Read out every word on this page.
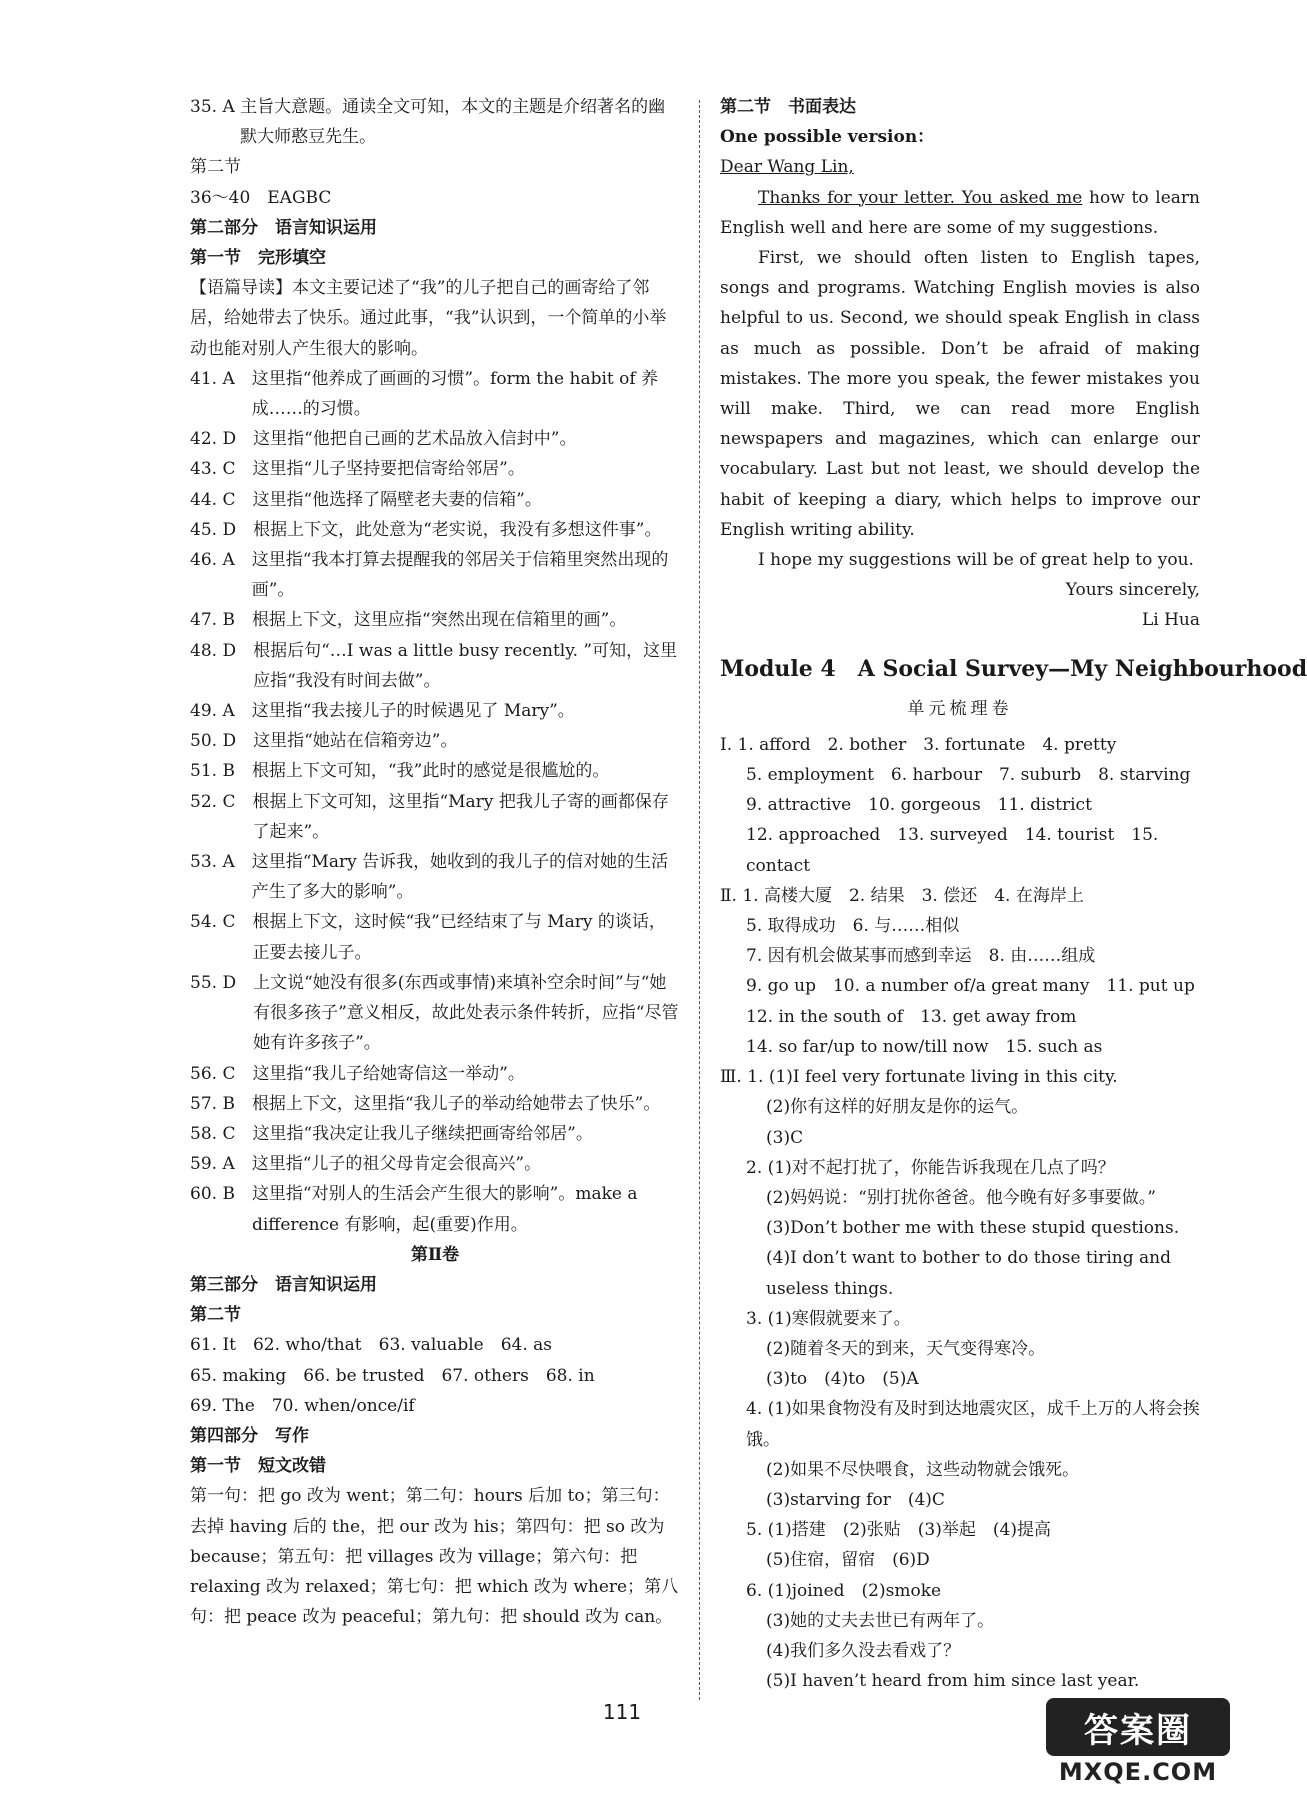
35. A 主旨大意题。通读全文可知，本文的主题是介绍著名的幽默大师憨豆先生。
第二节
36～40　EAGBC
第二部分　语言知识运用
第一节　完形填空
【语篇导读】本文主要记述了“我”的儿子把自己的画寄给了邻居，给她带去了快乐。通过此事，“我”认识到，一个简单的小举动也能对别人产生很大的影响。
41. A　 这里指“他养成了画画的习惯”。form the habit of 养成……的习惯。
42. D　 这里指“他把自己画的艺术品放入信封中”。
43. C　 这里指“儿子坚持要把信寄给邻居”。
44. C　 这里指“他选择了隔壁老夫妻的信箱”。
45. D　 根据上下文，此处意为“老实说，我没有多想这件事”。
46. A　 这里指“我本打算去提醒我的邻居关于信箱里突然出现的画”。
47. B　 根据上下文，这里应指“突然出现在信箱里的画”。
48. D　 根据后句“…I was a little busy recently. ”可知，这里应指“我没有时间去做”。
49. A　 这里指“我去接儿子的时候遇见了 Mary”。
50. D　 这里指“她站在信箱旁边”。
51. B　 根据上下文可知，“我”此时的感觉是很尴尬的。
52. C　 根据上下文可知，这里指“Mary 把我儿子寄的画都保存了起来”。
53. A　 这里指“Mary 告诉我，她收到的我儿子的信对她的生活产生了多大的影响”。
54. C　 根据上下文，这时候“我”已经结束了与 Mary 的谈话，正要去接儿子。
55. D　 上文说“她没有很多(东西或事情)来填补空余时间”与“她有很多孩子”意义相反，故此处表示条件转折，应指“尽管她有许多孩子”。
56. C　 这里指“我儿子给她寄信这一举动”。
57. B　 根据上下文，这里指“我儿子的举动给她带去了快乐”。
58. C　 这里指“我决定让我儿子继续把画寄给邻居”。
59. A　 这里指“儿子的祖父母肯定会很高兴”。
60. B　 这里指“对别人的生活会产生很大的影响”。make a difference 有影响，起(重要)作用。
第Ⅱ卷
第三部分　语言知识运用
第二节
61. It　62. who/that　63. valuable　64. as
65. making　66. be trusted　67. others　68. in
69. The　70. when/once/if
第四部分　写作
第一节　短文改错
第一句：把 go 改为 went；第二句：hours 后加 to；第三句：去掉 having 后的 the，把 our 改为 his；第四句：把 so 改为 because；第五句：把 villages 改为 village；第六句：把 relaxing 改为 relaxed；第七句：把 which 改为 where；第八句：把 peace 改为 peaceful；第九句：把 should 改为 can。
第二节　书面表达
One possible version：
Dear Wang Lin,
Thanks for your letter. You asked me how to learn English well and here are some of my suggestions.
First, we should often listen to English tapes, songs and programs. Watching English movies is also helpful to us. Second, we should speak English in class as much as possible. Don’t be afraid of making mistakes. The more you speak, the fewer mistakes you will make. Third, we can read more English newspapers and magazines, which can enlarge our vocabulary. Last but not least, we should develop the habit of keeping a diary, which helps to improve our English writing ability.
I hope my suggestions will be of great help to you.
Yours sincerely,
Li Hua
Module 4　A Social Survey—My Neighbourhood
单元梳理卷
Ⅰ. 1. afford　2. bother　3. fortunate　4. pretty
5. employment　6. harbour　7. suburb　8. starving
9. attractive　10. gorgeous　11. district
12. approached　13. surveyed　14. tourist　15. contact
Ⅱ. 1. 高楼大厦　2. 结果　3. 偿还　4. 在海岸上
5. 取得成功　6. 与……相似
7. 因有机会做某事而感到幸运　8. 由……组成
9. go up　10. a number of/a great many　11. put up
12. in the south of　13. get away from
14. so far/up to now/till now　15. such as
Ⅲ. 1. (1)I feel very fortunate living in this city.
(2)你有这样的好朋友是你的运气。
(3)C
2. (1)对不起打扰了，你能告诉我现在几点了吗？
(2)妈妈说：“别打扰你爸爸。他今晚有好多事要做。”
(3)Don’t bother me with these stupid questions.
(4)I don’t want to bother to do those tiring and useless things.
3. (1)寒假就要来了。
(2)随着冬天的到来，天气变得寒冷。
(3)to　(4)to　(5)A
4. (1)如果食物没有及时到达地震灾区，成千上万的人将会挨饿。
(2)如果不尽快喂食，这些动物就会饿死。
(3)starving for　(4)C
5. (1)搭建　(2)张贴　(3)举起　(4)提高
(5)住宿，留宿　(6)D
6. (1)joined　(2)smoke
(3)她的丈夫去世已有两年了。
(4)我们多久没去看戏了？
(5)I haven’t heard from him since last year.
111	答案圈
MXQE.COM
